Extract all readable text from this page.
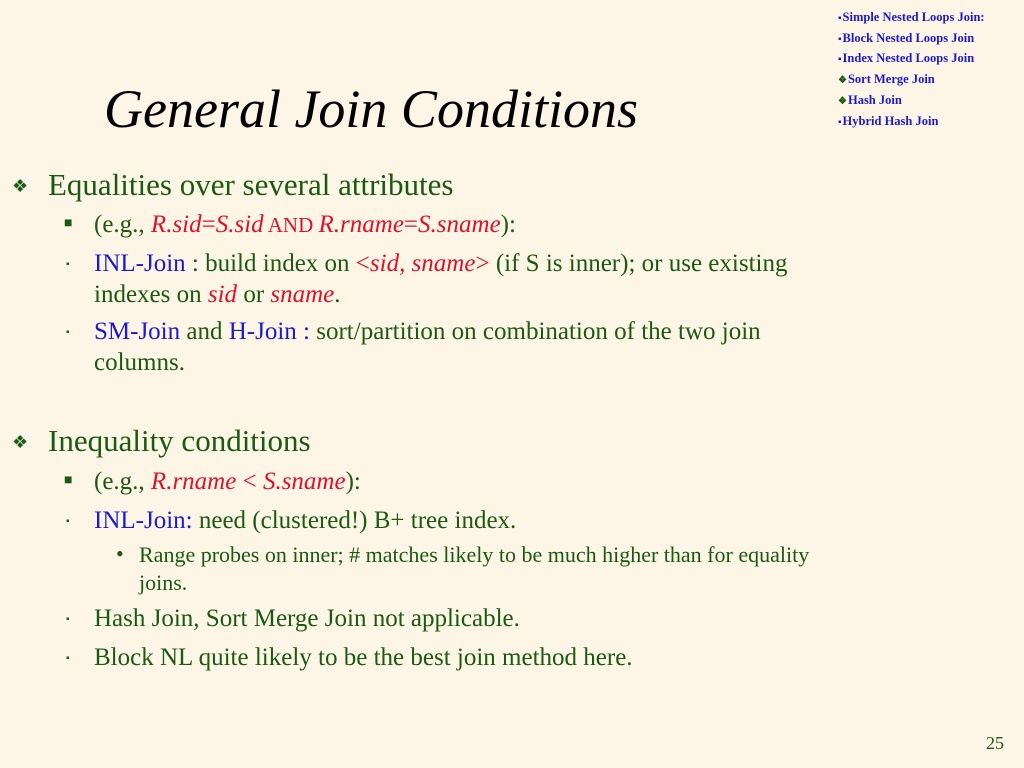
General Join Conditions
▪Simple Nested Loops Join:
▪Block Nested Loops Join
▪Index Nested Loops Join
❖Sort Merge Join
❖Hash Join
▪Hybrid Hash Join
❖ Equalities over several attributes
■ (e.g., R.sid=S.sid AND R.rname=S.sname):
▪ INL-Join : build index on <sid, sname> (if S is inner); or use existing
indexes on sid or sname.
▪ SM-Join and H-Join : sort/partition on combination of the two join
columns.
❖ Inequality conditions
■ (e.g., R.rname < S.sname):
▪ INL-Join: need (clustered!) B+ tree index.
• Range probes on inner; # matches likely to be much higher than for equality
joins.
▪ Hash Join, Sort Merge Join not applicable.
▪ Block NL quite likely to be the best join method here.
25
